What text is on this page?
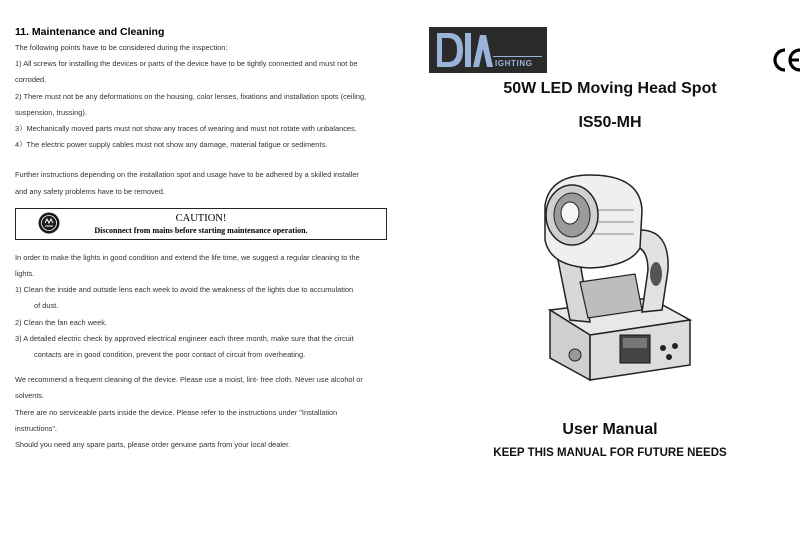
11. Maintenance and Cleaning

The following points have to be considered during the inspection:

1) All screws for installing the devices or parts of the device have to be tightly connected and must not be

corroded.

2) There must not be any deformations on the housing, color lenses, fixations and installation spots (ceiling,

suspension, trussing).

3）Mechanically moved parts must not show any traces of wearing and must not rotate with unbalances.

4）The electric power supply cables must not show any damage, material fatigue or sediments.

Further instructions depending on the installation spot and usage have to be adhered by a skilled installer

and any safety problems have to be removed.

CAUTION!
Disconnect from mains before starting maintenance operation.

In order to make the lights in good condition and extend the life time, we suggest a regular cleaning to the

lights.

1) Clean the inside and outside lens each week to avoid the weakness of the lights due to accumulation

of dust.

2) Clean the fan each week.

3) A detailed electric check by approved electrical engineer each three month, make sure that the circuit

contacts are in good condition, prevent the poor contact of circuit from overheating.

We recommend a frequent cleaning of the device. Please use a moist, lint- free cloth. Never use alcohol or

solvents.

There are no serviceable parts inside the device. Please refer to the instructions under "Installation

instructions".

Should you need any spare parts, please order genuine parts from your local dealer.

IGHTING
50W LED Moving Head Spot
IS50-MH
User Manual
KEEP THIS MANUAL FOR FUTURE NEEDS
